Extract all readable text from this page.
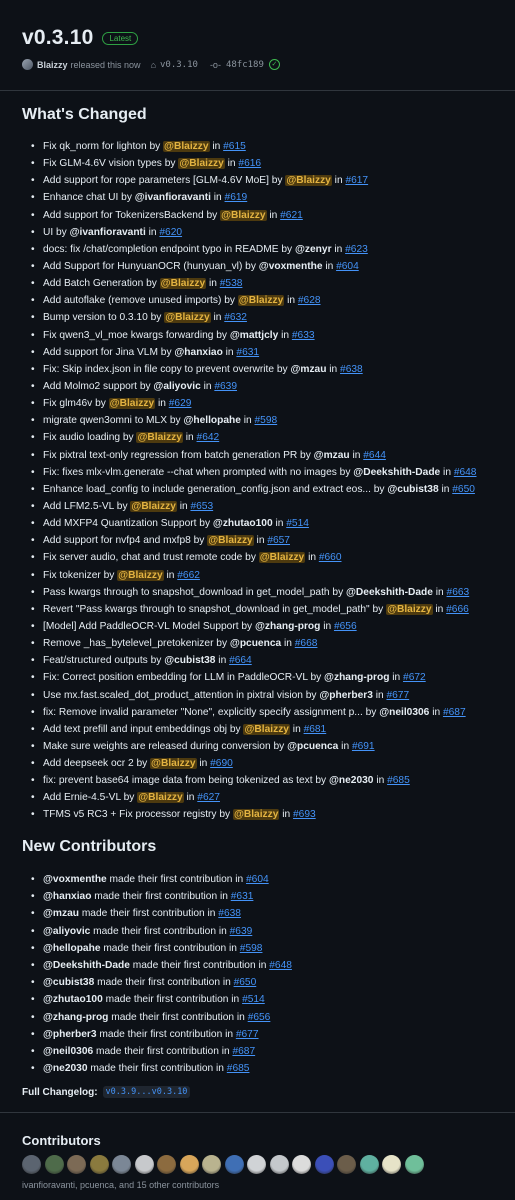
v0.3.10	Latest
Blaizzy released this now ⌂ v0.3.10 -o- 48fc189	✓
What's Changed
• Fix qk_norm for lighton by @Blaizzy in #615
• Fix GLM-4.6V vision types by @Blaizzy in #616
• Add support for rope parameters [GLM-4.6V MoE] by @Blaizzy in #617
• Enhance chat UI by @ivanfioravanti in #619
• Add support for TokenizersBackend by @Blaizzy in #621
• UI by @ivanfioravanti in #620
• docs: fix /chat/completion endpoint typo in README by @zenyr in #623
• Add Support for HunyuanOCR (hunyuan_vl) by @voxmenthe in #604
• Add Batch Generation by @Blaizzy in #538
• Add autoflake (remove unused imports) by @Blaizzy in #628
• Bump version to 0.3.10 by @Blaizzy in #632
• Fix qwen3_vl_moe kwargs forwarding by @mattjcly in #633
• Add support for Jina VLM by @hanxiao in #631
• Fix: Skip index.json in file copy to prevent overwrite by @mzau in #638
• Add Molmo2 support by @aliyovic in #639
• Fix glm46v by @Blaizzy in #629
• migrate qwen3omni to MLX by @hellopahe in #598
• Fix audio loading by @Blaizzy in #642
• Fix pixtral text-only regression from batch generation PR by @mzau in #644
• Fix: fixes mlx-vlm.generate --chat when prompted with no images by @Deekshith-Dade in #648
• Enhance load_config to include generation_config.json and extract eos... by @cubist38 in #650
• Add LFM2.5-VL by @Blaizzy in #653
• Add MXFP4 Quantization Support by @zhutao100 in #514
• Add support for nvfp4 and mxfp8 by @Blaizzy in #657
• Fix server audio, chat and trust remote code by @Blaizzy in #660
• Fix tokenizer by @Blaizzy in #662
• Pass kwargs through to snapshot_download in get_model_path by @Deekshith-Dade in #663
• Revert "Pass kwargs through to snapshot_download in get_model_path" by @Blaizzy in #666
• [Model] Add PaddleOCR-VL Model Support by @zhang-prog in #656
• Remove _has_bytelevel_pretokenizer by @pcuenca in #668
• Feat/structured outputs by @cubist38 in #664
• Fix: Correct position embedding for LLM in PaddleOCR-VL by @zhang-prog in #672
• Use mx.fast.scaled_dot_product_attention in pixtral vision by @pherber3 in #677
• fix: Remove invalid parameter "None", explicitly specify assignment p... by @neil0306 in #687
• Add text prefill and input embeddings obj by @Blaizzy in #681
• Make sure weights are released during conversion by @pcuenca in #691
• Add deepseek ocr 2 by @Blaizzy in #690
• fix: prevent base64 image data from being tokenized as text by @ne2030 in #685
• Add Ernie-4.5-VL by @Blaizzy in #627
• TFMS v5 RC3 + Fix processor registry by @Blaizzy in #693
New Contributors
• @voxmenthe made their first contribution in #604
• @hanxiao made their first contribution in #631
• @mzau made their first contribution in #638
• @aliyovic made their first contribution in #639
• @hellopahe made their first contribution in #598
• @Deekshith-Dade made their first contribution in #648
• @cubist38 made their first contribution in #650
• @zhutao100 made their first contribution in #514
• @zhang-prog made their first contribution in #656
• @pherber3 made their first contribution in #677
• @neil0306 made their first contribution in #687
• @ne2030 made their first contribution in #685
Full Changelog: v0.3.9...v0.3.10
Contributors
ivanfioravanti, pcuenca, and 15 other contributors
